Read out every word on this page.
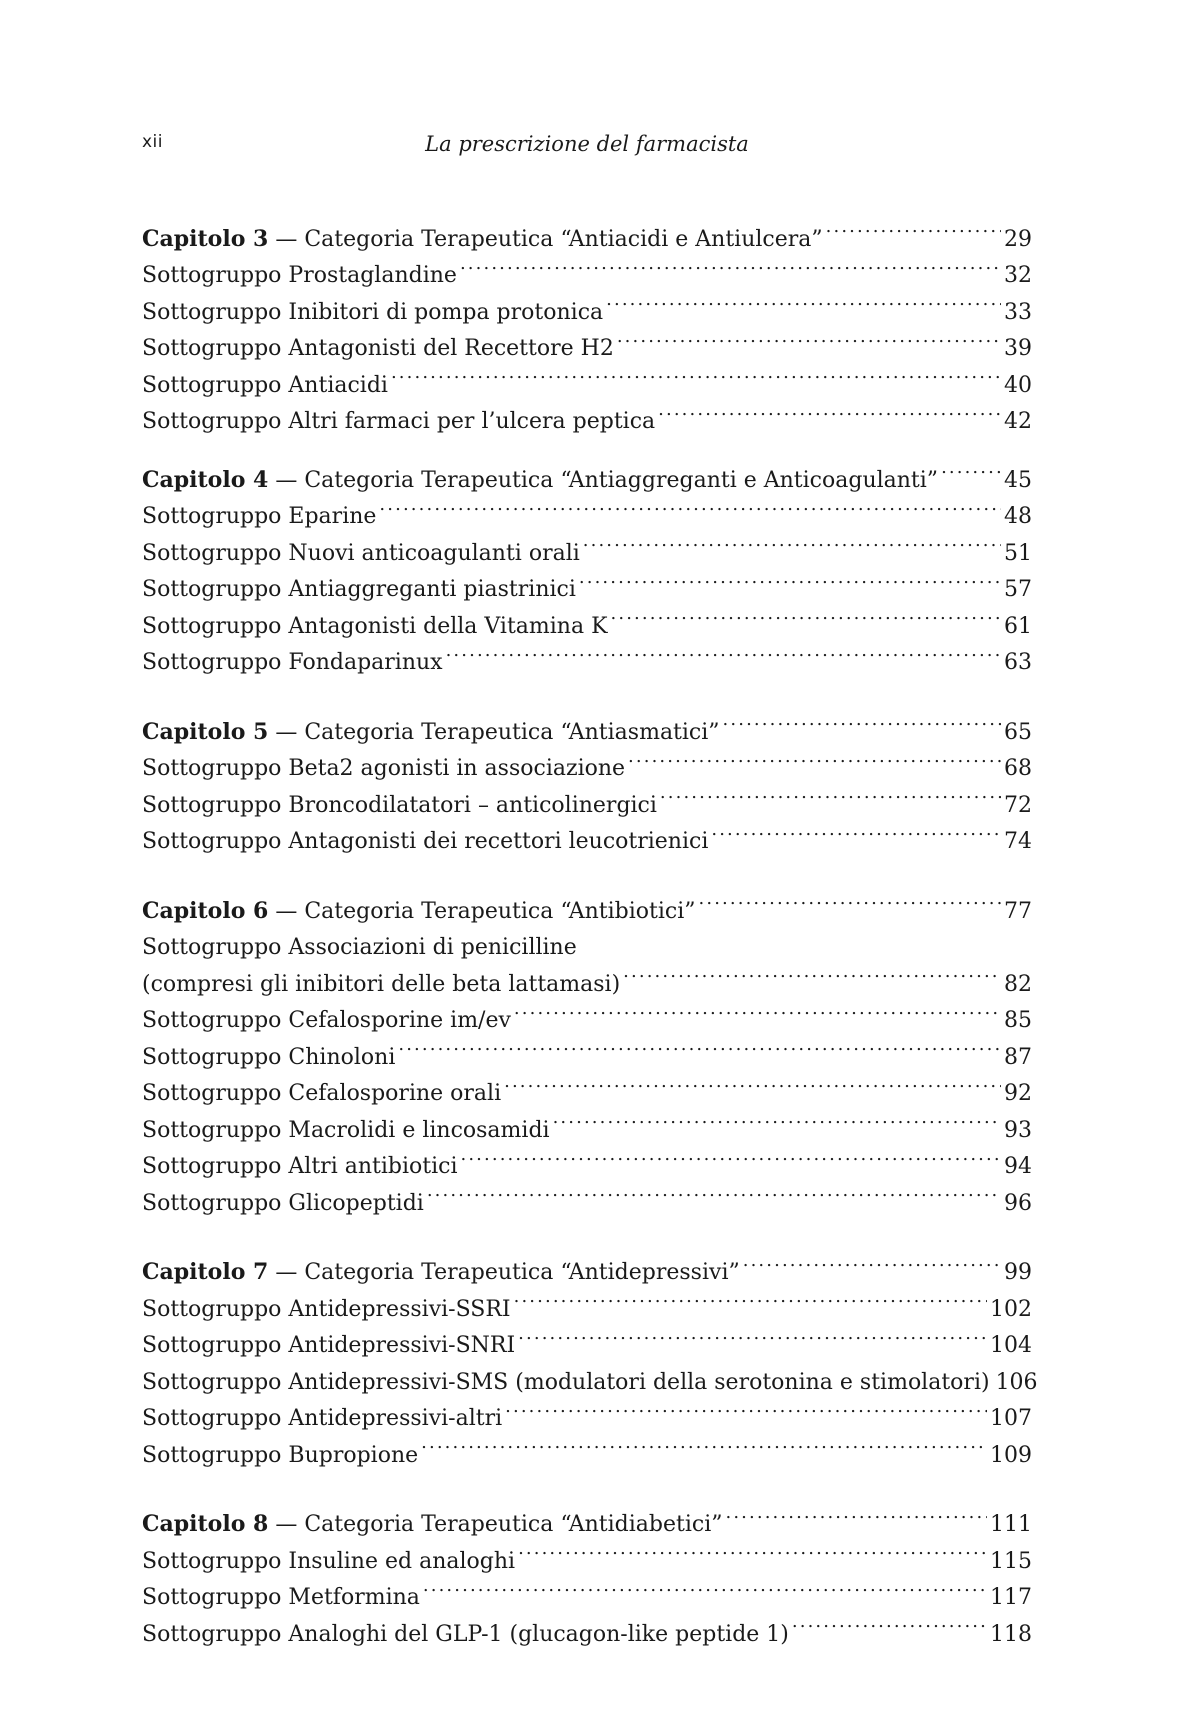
xii	La prescrizione del farmacista
Capitolo 3 — Categoria Terapeutica “Antiacidi e Antiulcera” . . .	29
Sottogruppo Prostaglandine . . .	32
Sottogruppo Inibitori di pompa protonica . . .	33
Sottogruppo Antagonisti del Recettore H2 . . .	39
Sottogruppo Antiacidi . . .	40
Sottogruppo Altri farmaci per l’ulcera peptica . . .	42
Capitolo 4 — Categoria Terapeutica “Antiaggreganti e Anticoagulanti” . . .	45
Sottogruppo Eparine . . .	48
Sottogruppo Nuovi anticoagulanti orali . . .	51
Sottogruppo Antiaggreganti piastrinici . . .	57
Sottogruppo Antagonisti della Vitamina K . . .	61
Sottogruppo Fondaparinux . . .	63
Capitolo 5 — Categoria Terapeutica “Antiasmatici” . . .	65
Sottogruppo Beta2 agonisti in associazione . . .	68
Sottogruppo Broncodilatatori – anticolinergici . . .	72
Sottogruppo Antagonisti dei recettori leucotrienici . . .	74
Capitolo 6 — Categoria Terapeutica “Antibiotici” . . .	77
Sottogruppo Associazioni di penicilline
(compresi gli inibitori delle beta lattamasi) . . .	82
Sottogruppo Cefalosporine im/ev . . .	85
Sottogruppo Chinoloni . . .	87
Sottogruppo Cefalosporine orali . . .	92
Sottogruppo Macrolidi e lincosamidi . . .	93
Sottogruppo Altri antibiotici . . .	94
Sottogruppo Glicopeptidi . . .	96
Capitolo 7 — Categoria Terapeutica “Antidepressivi” . . .	99
Sottogruppo Antidepressivi-SSRI . . .	102
Sottogruppo Antidepressivi-SNRI . . .	104
Sottogruppo Antidepressivi-SMS (modulatori della serotonina e stimolatori) 106
Sottogruppo Antidepressivi-altri . . .	107
Sottogruppo Bupropione . . .	109
Capitolo 8 — Categoria Terapeutica “Antidiabetici” . . .	111
Sottogruppo Insuline ed analoghi . . .	115
Sottogruppo Metformina . . .	117
Sottogruppo Analoghi del GLP-1 (glucagon-like peptide 1) . . .	118
